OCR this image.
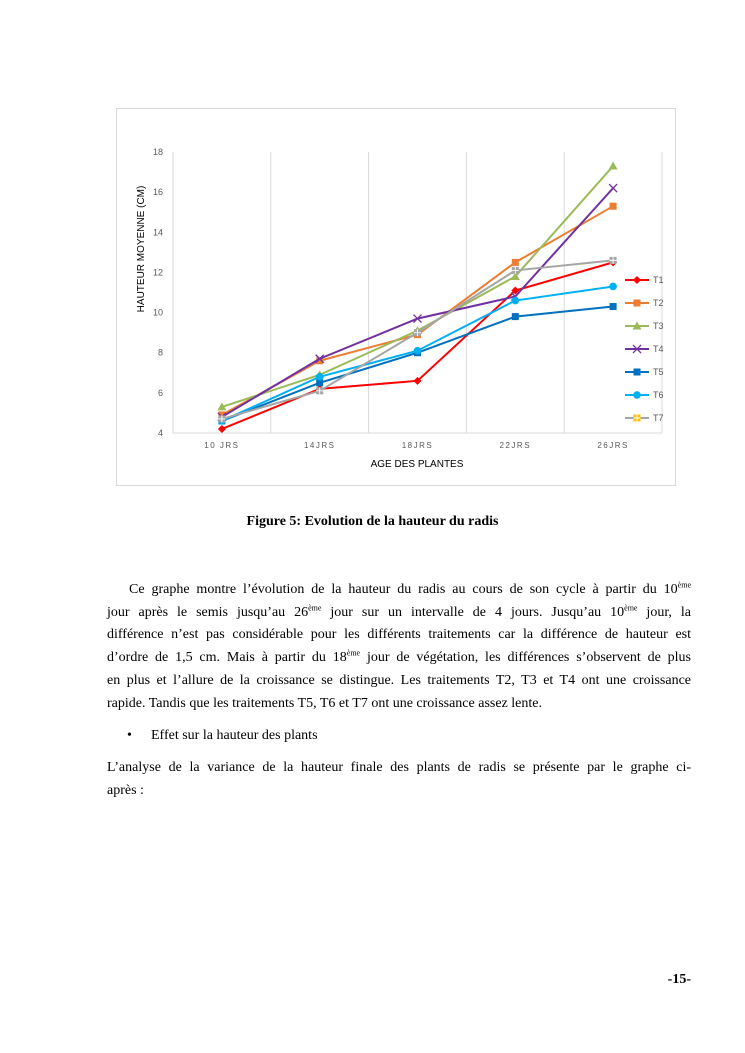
4
6
8
10
12
14
16
18
10 JRS	14JRS	18JRS	22JRS	26JRS
T1
T2
T3
T4
T5
T6
T7
HAUTEUR MOYENNE (CM)
AGE DES PLANTES
Figure 5: Evolution de la hauteur du radis
Ce graphe montre l’évolution de la hauteur du radis au cours de son cycle à partir du 10ème
jour après le semis jusqu’au 26ème jour sur un intervalle de 4 jours. Jusqu’au 10ème jour, la
différence n’est pas considérable pour les différents traitements car la différence de hauteur est
d’ordre de 1,5 cm. Mais à partir du 18ème jour de végétation, les différences s’observent de plus
en plus et l’allure de la croissance se distingue. Les traitements T2, T3 et T4 ont une croissance
rapide. Tandis que les traitements T5, T6 et T7 ont une croissance assez lente.
• Effet sur la hauteur des plants
L’analyse de la variance de la hauteur finale des plants de radis se présente par le graphe ci-
après :
-15-
